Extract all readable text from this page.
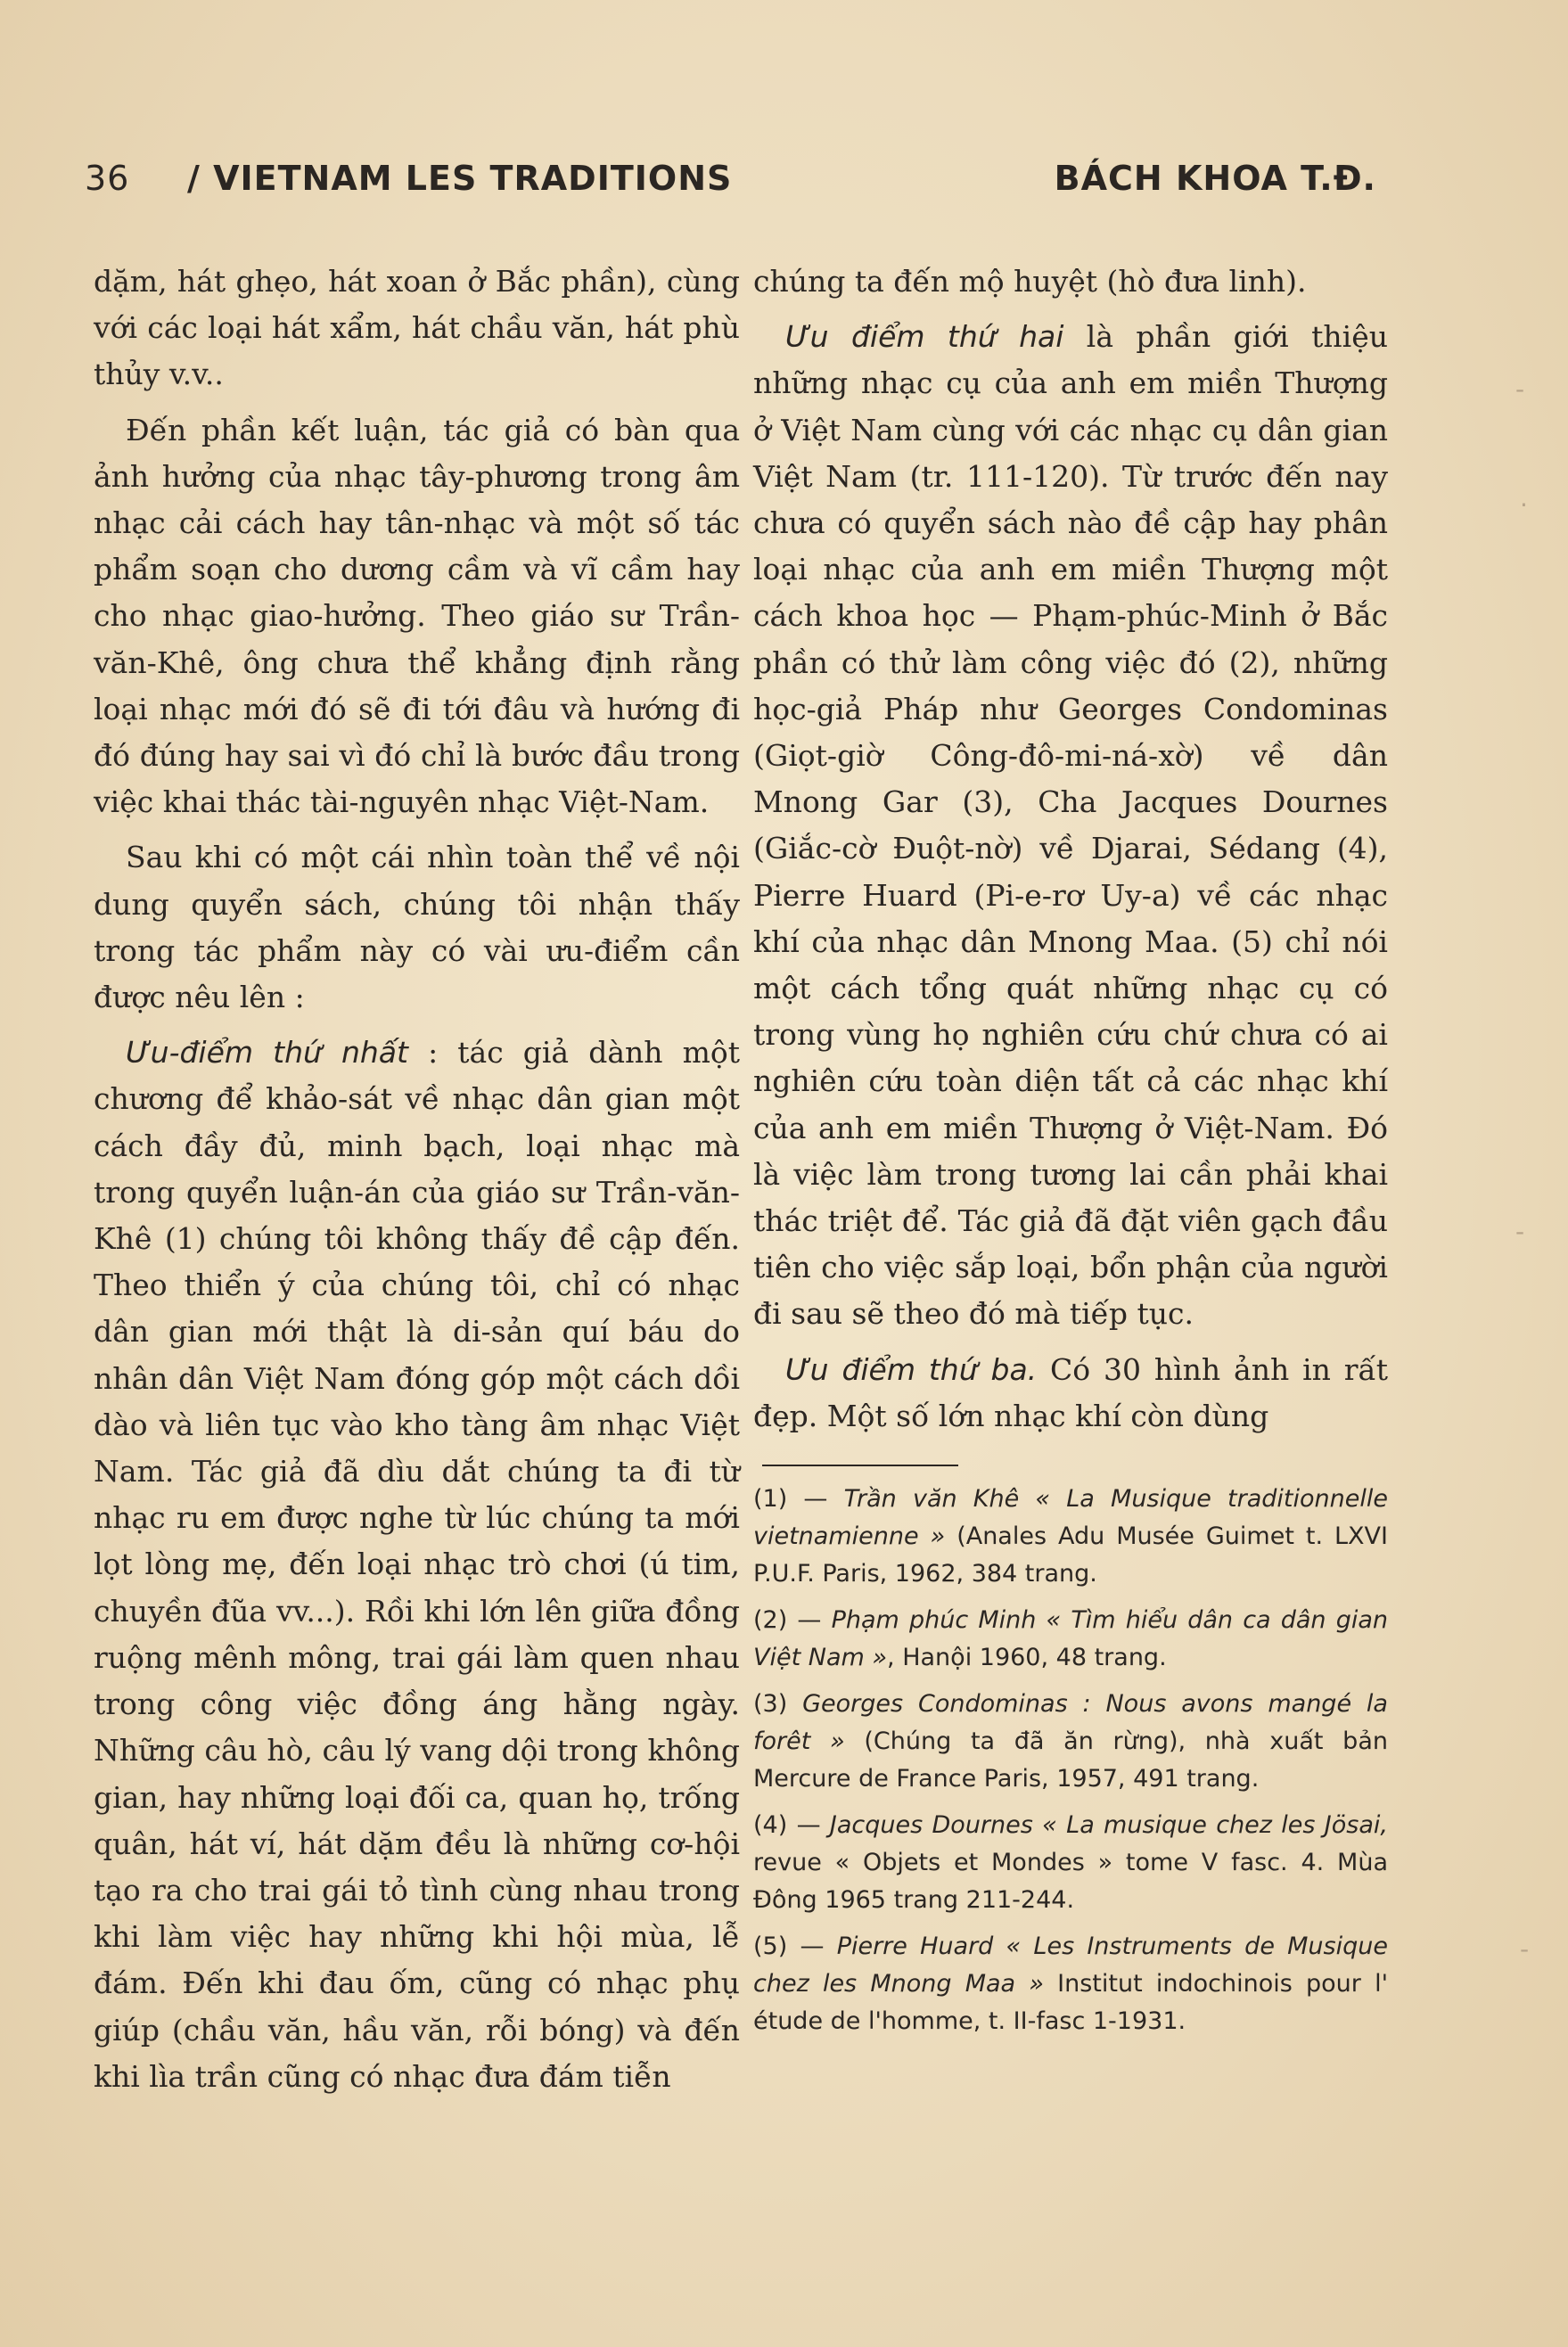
36 / VIETNAM LES TRADITIONS	BÁCH KHOA T.Đ.

dặm, hát ghẹo, hát xoan ở Bắc phần), cùng với các loại hát xẩm, hát chầu văn, hát phù thủy v.v..

Đến phần kết luận, tác giả có bàn qua ảnh hưởng của nhạc tây-phương trong âm nhạc cải cách hay tân-nhạc và một số tác phẩm soạn cho dương cầm và vĩ cầm hay cho nhạc giao-hưởng. Theo giáo sư Trần-văn-Khê, ông chưa thể khẳng định rằng loại nhạc mới đó sẽ đi tới đâu và hướng đi đó đúng hay sai vì đó chỉ là bước đầu trong việc khai thác tài-nguyên nhạc Việt-Nam.

Sau khi có một cái nhìn toàn thể về nội dung quyển sách, chúng tôi nhận thấy trong tác phẩm này có vài ưu-điểm cần được nêu lên :

Ưu-điểm thứ nhất : tác giả dành một chương để khảo-sát về nhạc dân gian một cách đầy đủ, minh bạch, loại nhạc mà trong quyển luận-án của giáo sư Trần-văn-Khê (1) chúng tôi không thấy đề cập đến. Theo thiển ý của chúng tôi, chỉ có nhạc dân gian mới thật là di-sản quí báu do nhân dân Việt Nam đóng góp một cách dồi dào và liên tục vào kho tàng âm nhạc Việt Nam. Tác giả đã dìu dắt chúng ta đi từ nhạc ru em được nghe từ lúc chúng ta mới lọt lòng mẹ, đến loại nhạc trò chơi (ú tim, chuyền đũa vv...). Rồi khi lớn lên giữa đồng ruộng mênh mông, trai gái làm quen nhau trong công việc đồng áng hằng ngày. Những câu hò, câu lý vang dội trong không gian, hay những loại đối ca, quan họ, trống quân, hát ví, hát dặm đều là những cơ-hội tạo ra cho trai gái tỏ tình cùng nhau trong khi làm việc hay những khi hội mùa, lễ đám. Đến khi đau ốm, cũng có nhạc phụ giúp (chầu văn, hầu văn, rỗi bóng) và đến khi lìa trần cũng có nhạc đưa đám tiễn

chúng ta đến mộ huyệt (hò đưa linh).

Ưu điểm thứ hai là phần giới thiệu những nhạc cụ của anh em miền Thượng ở Việt Nam cùng với các nhạc cụ dân gian Việt Nam (tr. 111-120). Từ trước đến nay chưa có quyển sách nào đề cập hay phân loại nhạc của anh em miền Thượng một cách khoa học — Phạm-phúc-Minh ở Bắc phần có thử làm công việc đó (2), những học-giả Pháp như Georges Condominas (Giọt-giờ Công-đô-mi-ná-xờ) về dân Mnong Gar (3), Cha Jacques Dournes (Giắc-cờ Đuột-nờ) về Djarai, Sédang (4), Pierre Huard (Pi-e-rơ Uy-a) về các nhạc khí của nhạc dân Mnong Maa. (5) chỉ nói một cách tổng quát những nhạc cụ có trong vùng họ nghiên cứu chứ chưa có ai nghiên cứu toàn diện tất cả các nhạc khí của anh em miền Thượng ở Việt-Nam. Đó là việc làm trong tương lai cần phải khai thác triệt để. Tác giả đã đặt viên gạch đầu tiên cho việc sắp loại, bổn phận của người đi sau sẽ theo đó mà tiếp tục.

Ưu điểm thứ ba. Có 30 hình ảnh in rất đẹp. Một số lớn nhạc khí còn dùng

(1) — Trần văn Khê « La Musique traditionnelle vietnamienne » (Anales Adu Musée Guimet t. LXVI P.U.F. Paris, 1962, 384 trang.

(2) — Phạm phúc Minh « Tìm hiểu dân ca dân gian Việt Nam », Hanội 1960, 48 trang.

(3) Georges Condominas : Nous avons mangé la forêt » (Chúng ta đã ăn rừng), nhà xuất bản Mercure de France Paris, 1957, 491 trang.

(4) — Jacques Dournes « La musique chez les Jösai, revue « Objets et Mondes » tome V fasc. 4. Mùa Đông 1965 trang 211-244.

(5) — Pierre Huard « Les Instruments de Musique chez les Mnong Maa » Institut indochinois pour l' étude de l'homme, t. II-fasc 1-1931.

-
·
-
-
